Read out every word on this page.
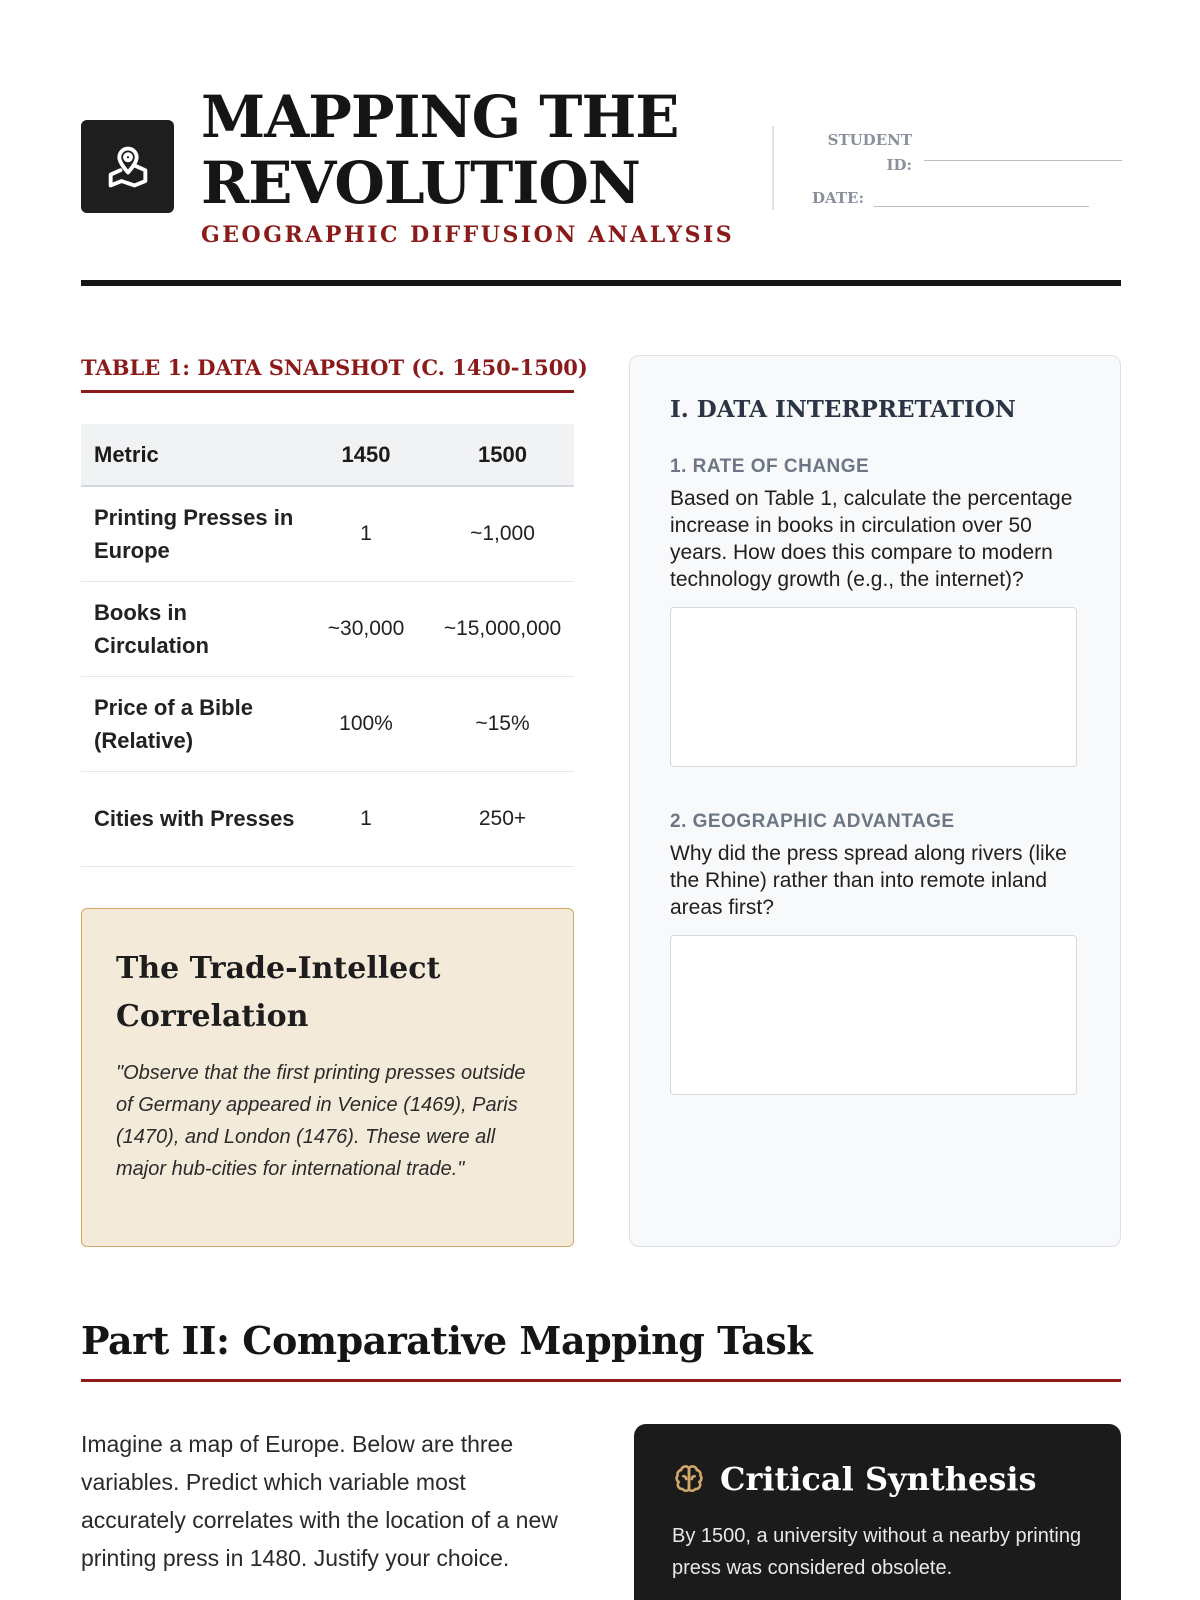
MAPPING THE
REVOLUTION
GEOGRAPHIC DIFFUSION ANALYSIS
STUDENT
ID:
DATE:
TABLE 1: DATA SNAPSHOT (C. 1450-1500)
Metric	1450	1500
Printing Presses in Europe	1	~1,000
Books in Circulation	~30,000	~15,000,000
Price of a Bible (Relative)	100%	~15%
Cities with Presses	1	250+
The Trade-Intellect Correlation

"Observe that the first printing presses outside of Germany appeared in Venice (1469), Paris (1470), and London (1476). These were all major hub-cities for international trade."

I. DATA INTERPRETATION
1. RATE OF CHANGE
Based on Table 1, calculate the percentage increase in books in circulation over 50 years. How does this compare to modern technology growth (e.g., the internet)?
2. GEOGRAPHIC ADVANTAGE
Why did the press spread along rivers (like the Rhine) rather than into remote inland areas first?
Part II: Comparative Mapping Task
Imagine a map of Europe. Below are three variables. Predict which variable most accurately correlates with the location of a new printing press in 1480. Justify your choice.
Critical Synthesis

By 1500, a university without a nearby printing press was considered obsolete.
